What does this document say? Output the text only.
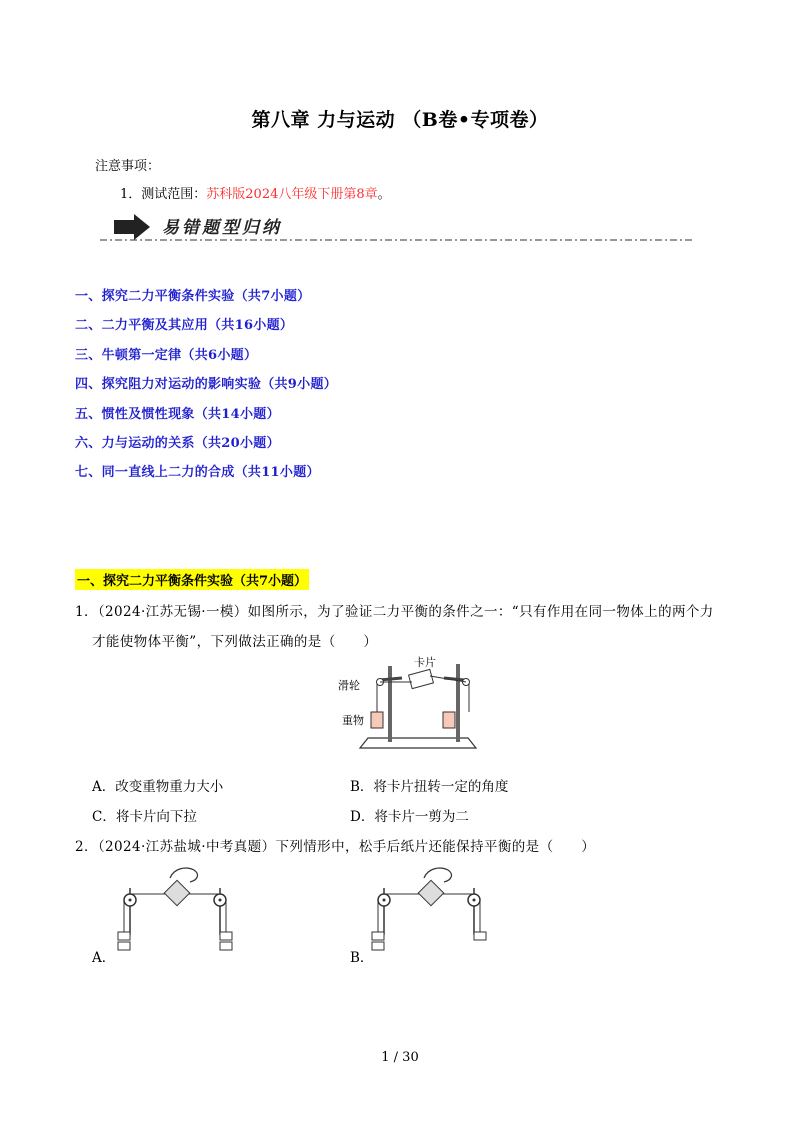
第八章 力与运动 （B卷•专项卷）
注意事项：
1．测试范围：苏科版2024八年级下册第8章。
易错题型归纳
一、探究二力平衡条件实验（共7小题）
二、二力平衡及其应用（共16小题）
三、牛顿第一定律（共6小题）
四、探究阻力对运动的影响实验（共9小题）
五、惯性及惯性现象（共14小题）
六、力与运动的关系（共20小题）
七、同一直线上二力的合成（共11小题）
一、探究二力平衡条件实验（共7小题）
1．（2024·江苏无锡·一模）如图所示，为了验证二力平衡的条件之一：“只有作用在同一物体上的两个力
才能使物体平衡”，下列做法正确的是（　　）
滑轮
卡片
重物
A．改变重物重力大小	B．将卡片扭转一定的角度
C．将卡片向下拉	D．将卡片一剪为二
2．（2024·江苏盐城·中考真题）下列情形中，松手后纸片还能保持平衡的是（　　）
A．	B．
1 / 30
